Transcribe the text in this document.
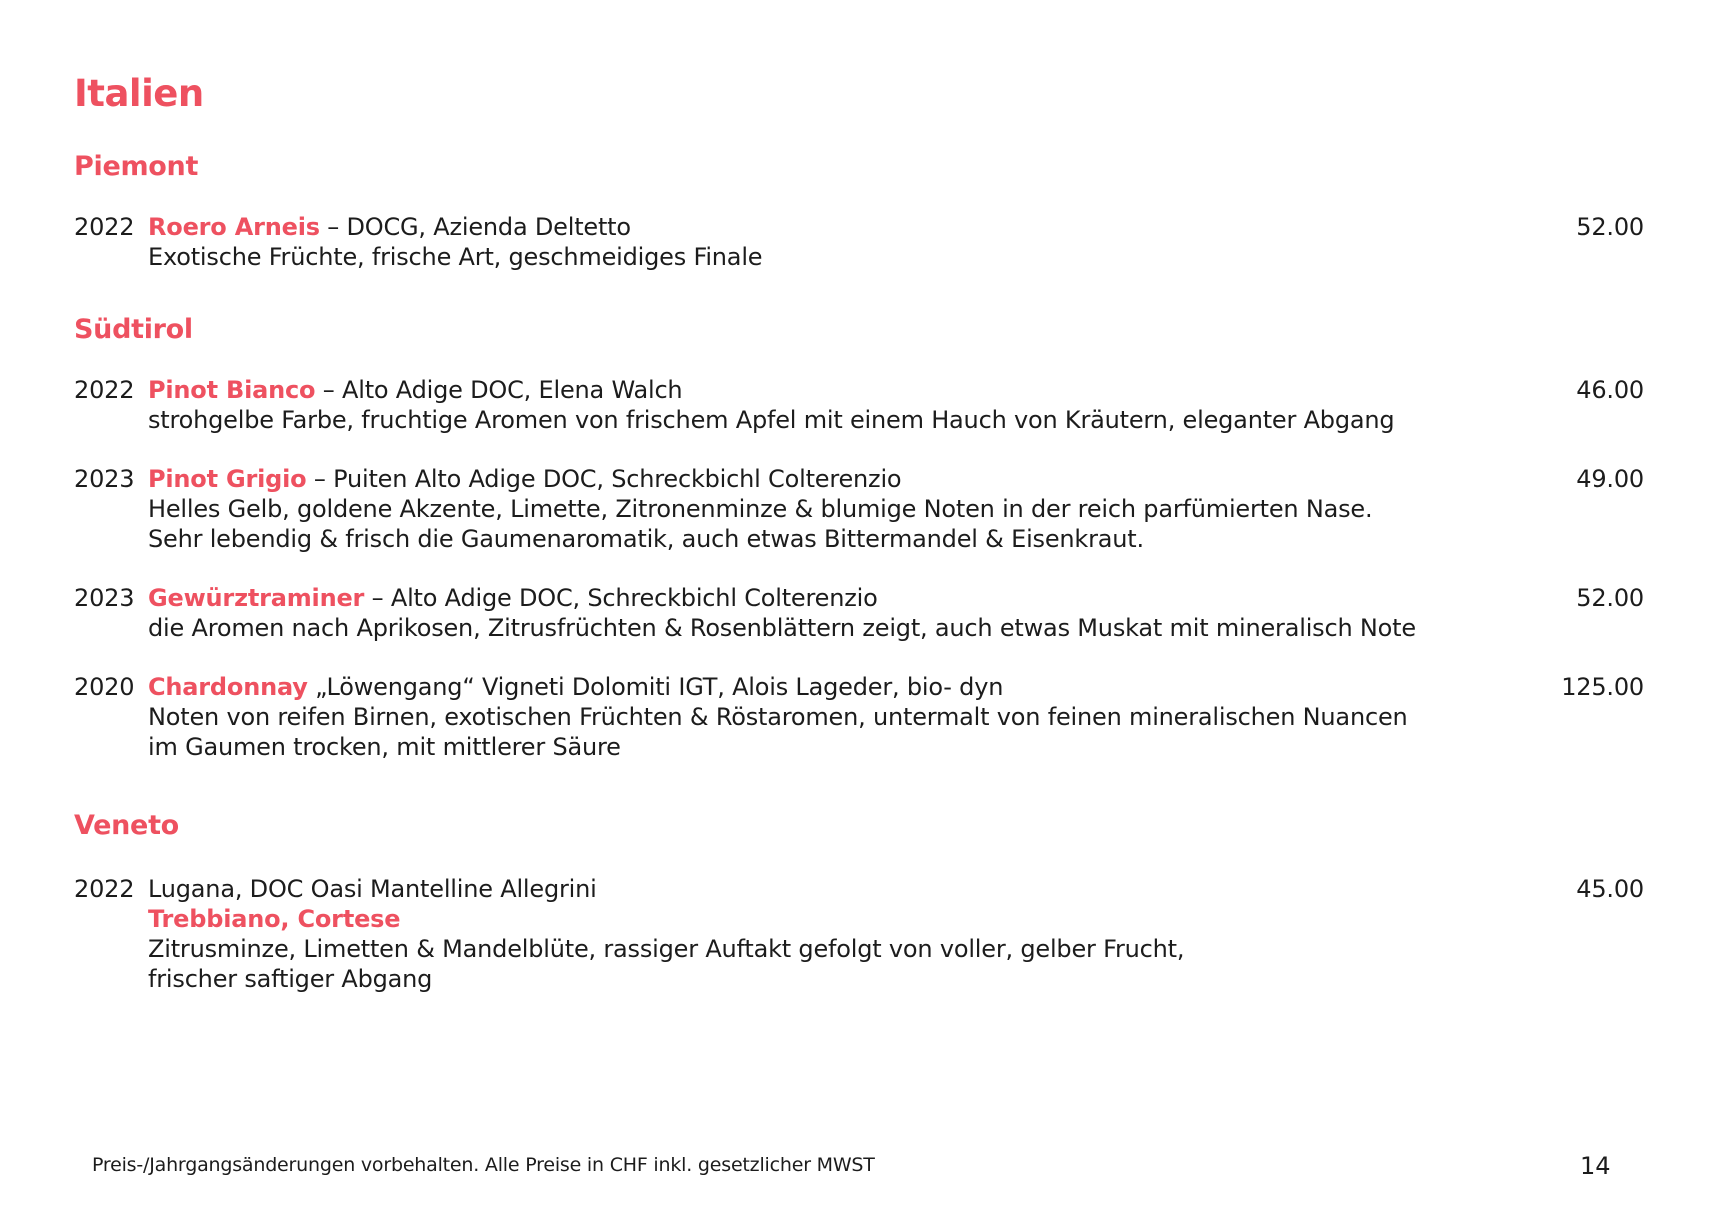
Italien
Piemont
2022 Roero Arneis – DOCG, Azienda Deltetto	52.00
Exotische Früchte, frische Art, geschmeidiges Finale
Südtirol
2022 Pinot Bianco – Alto Adige DOC, Elena Walch	46.00
strohgelbe Farbe, fruchtige Aromen von frischem Apfel mit einem Hauch von Kräutern, eleganter Abgang
2023 Pinot Grigio – Puiten Alto Adige DOC, Schreckbichl Colterenzio	49.00
Helles Gelb, goldene Akzente, Limette, Zitronenminze & blumige Noten in der reich parfümierten Nase.
Sehr lebendig & frisch die Gaumenaromatik, auch etwas Bittermandel & Eisenkraut.
2023 Gewürztraminer – Alto Adige DOC, Schreckbichl Colterenzio	52.00
die Aromen nach Aprikosen, Zitrusfrüchten & Rosenblättern zeigt, auch etwas Muskat mit mineralisch Note
2020 Chardonnay „Löwengang“ Vigneti Dolomiti IGT, Alois Lageder, bio- dyn	125.00
Noten von reifen Birnen, exotischen Früchten & Röstaromen, untermalt von feinen mineralischen Nuancen
im Gaumen trocken, mit mittlerer Säure
Veneto
2022 Lugana, DOC Oasi Mantelline Allegrini	45.00
Trebbiano, Cortese
Zitrusminze, Limetten & Mandelblüte, rassiger Auftakt gefolgt von voller, gelber Frucht,
frischer saftiger Abgang
Preis-/Jahrgangsänderungen vorbehalten. Alle Preise in CHF inkl. gesetzlicher MWST	14
